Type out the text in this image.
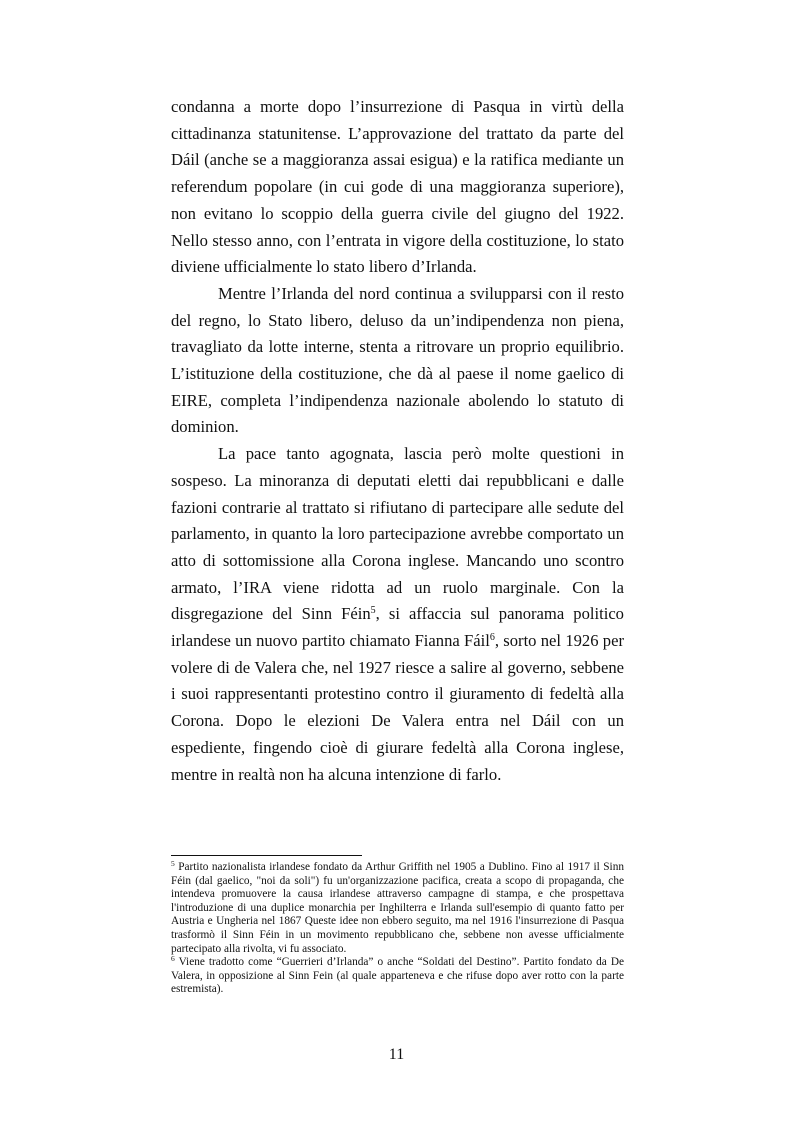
condanna a morte dopo l’insurrezione di Pasqua in virtù della cittadinanza statunitense. L’approvazione del trattato da parte del Dáil (anche se a maggioranza assai esigua) e la ratifica mediante un referendum popolare (in cui gode di una maggioranza superiore), non evitano lo scoppio della guerra civile del giugno del 1922. Nello stesso anno, con l’entrata in vigore della costituzione, lo stato diviene ufficialmente lo stato libero d’Irlanda.

Mentre l’Irlanda del nord continua a svilupparsi con il resto del regno, lo Stato libero, deluso da un’indipendenza non piena, travagliato da lotte interne, stenta a ritrovare un proprio equilibrio. L’istituzione della costituzione, che dà al paese il nome gaelico di EIRE, completa l’indipendenza nazionale abolendo lo statuto di dominion.

La pace tanto agognata, lascia però molte questioni in sospeso. La minoranza di deputati eletti dai repubblicani e dalle fazioni contrarie al trattato si rifiutano di partecipare alle sedute del parlamento, in quanto la loro partecipazione avrebbe comportato un atto di sottomissione alla Corona inglese. Mancando uno scontro armato, l’IRA viene ridotta ad un ruolo marginale. Con la disgregazione del Sinn Féin$^5$, si affaccia sul panorama politico irlandese un nuovo partito chiamato Fianna Fáil$^6$, sorto nel 1926 per volere di de Valera che, nel 1927 riesce a salire al governo, sebbene i suoi rappresentanti protestino contro il giuramento di fedeltà alla Corona. Dopo le elezioni De Valera entra nel Dáil con un espediente, fingendo cioè di giurare fedeltà alla Corona inglese, mentre in realtà non ha alcuna intenzione di farlo.

$^5$ Partito nazionalista irlandese fondato da Arthur Griffith nel 1905 a Dublino. Fino al 1917 il Sinn Féin (dal gaelico, "noi da soli") fu un'organizzazione pacifica, creata a scopo di propaganda, che intendeva promuovere la causa irlandese attraverso campagne di stampa, e che prospettava l'introduzione di una duplice monarchia per Inghilterra e Irlanda sull'esempio di quanto fatto per Austria e Ungheria nel 1867 Queste idee non ebbero seguito, ma nel 1916 l'insurrezione di Pasqua trasformò il Sinn Féin in un movimento repubblicano che, sebbene non avesse ufficialmente partecipato alla rivolta, vi fu associato.

$^6$ Viene tradotto come “Guerrieri d’Irlanda” o anche “Soldati del Destino”. Partito fondato da De Valera, in opposizione al Sinn Fein (al quale apparteneva e che rifuse dopo aver rotto con la parte estremista).

11
